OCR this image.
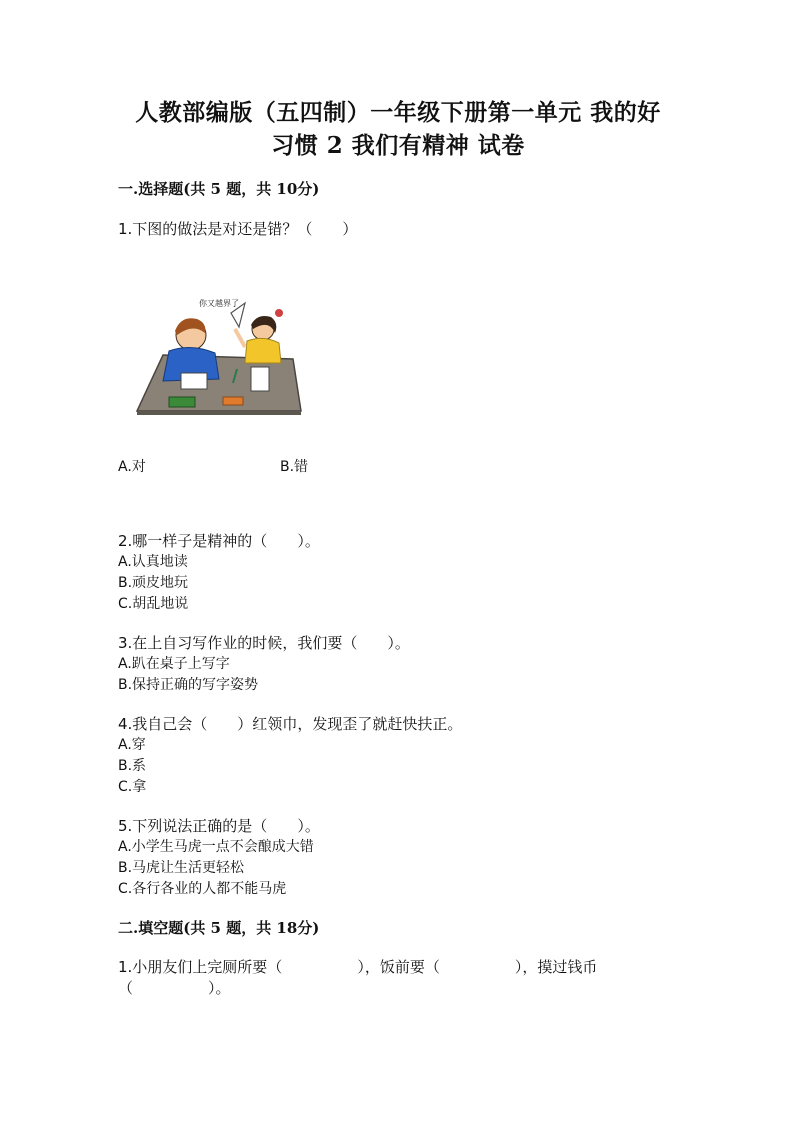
人教部编版（五四制）一年级下册第一单元 我的好
习惯 2 我们有精神 试卷
一.选择题(共 5 题，共 10分)
1.下图的做法是对还是错？（　　）
你又越界了
A.对	B.错
2.哪一样子是精神的（　　）。
A.认真地读
B.顽皮地玩
C.胡乱地说
3.在上自习写作业的时候，我们要（　　）。
A.趴在桌子上写字
B.保持正确的写字姿势
4.我自己会（　　）红领巾，发现歪了就赶快扶正。
A.穿
B.系
C.拿
5.下列说法正确的是（　　）。
A.小学生马虎一点不会酿成大错
B.马虎让生活更轻松
C.各行各业的人都不能马虎
二.填空题(共 5 题，共 18分)
1.小朋友们上完厕所要（　　　　　），饭前要（　　　　　），摸过钱币
（　　　　　）。
